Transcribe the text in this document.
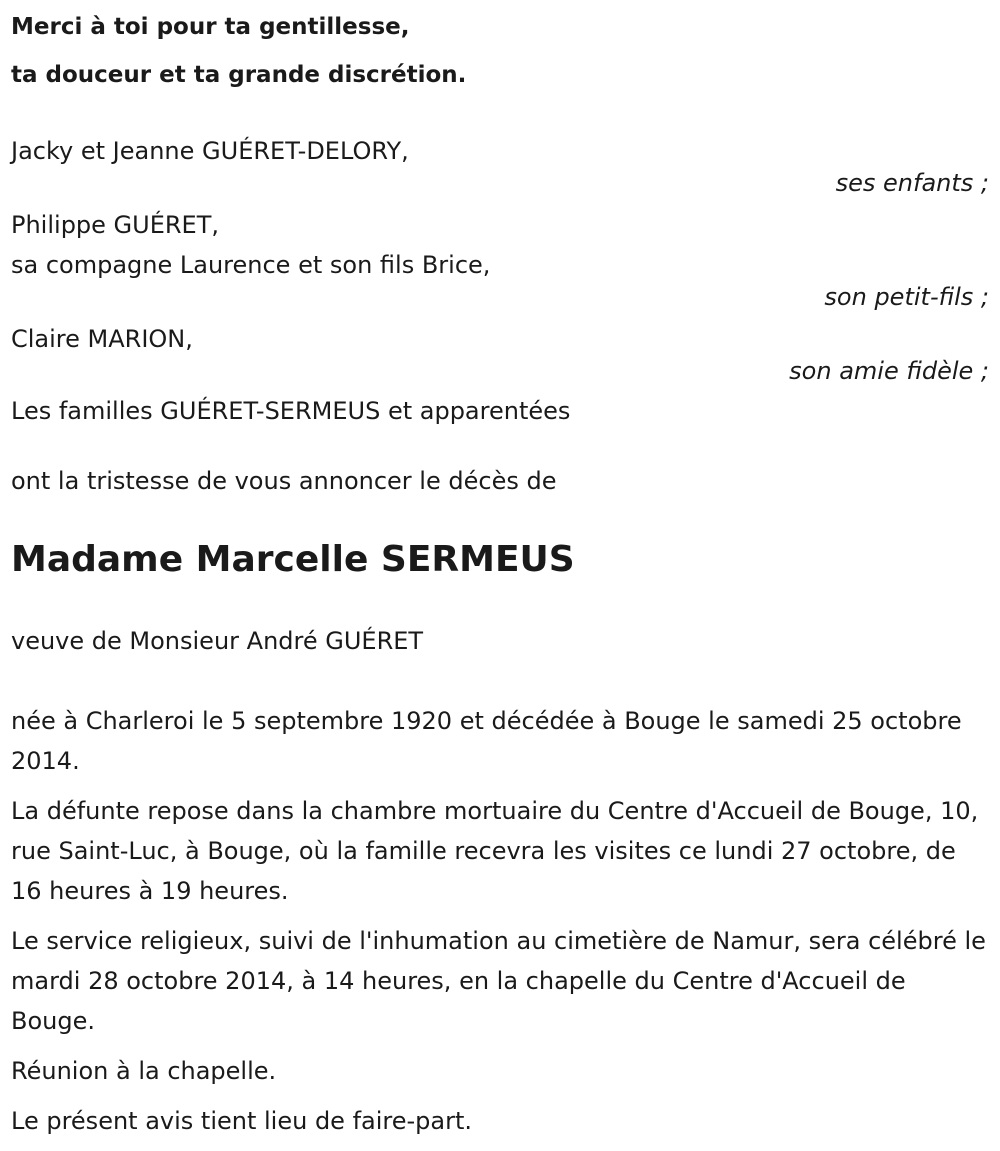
Merci à toi pour ta gentillesse,
ta douceur et ta grande discrétion.
Jacky et Jeanne GUÉRET-DELORY,
ses enfants ;
Philippe GUÉRET,
sa compagne Laurence et son fils Brice,
son petit-fils ;
Claire MARION,
son amie fidèle ;
Les familles GUÉRET-SERMEUS et apparentées
ont la tristesse de vous annoncer le décès de
Madame Marcelle SERMEUS
veuve de Monsieur André GUÉRET

née à Charleroi le 5 septembre 1920 et décédée à Bouge le samedi 25 octobre 2014.

La défunte repose dans la chambre mortuaire du Centre d'Accueil de Bouge, 10, rue Saint-Luc, à Bouge, où la famille recevra les visites ce lundi 27 octobre, de 16 heures à 19 heures.

Le service religieux, suivi de l'inhumation au cimetière de Namur, sera célébré le mardi 28 octobre 2014, à 14 heures, en la chapelle du Centre d'Accueil de Bouge.

Réunion à la chapelle.

Le présent avis tient lieu de faire-part.
